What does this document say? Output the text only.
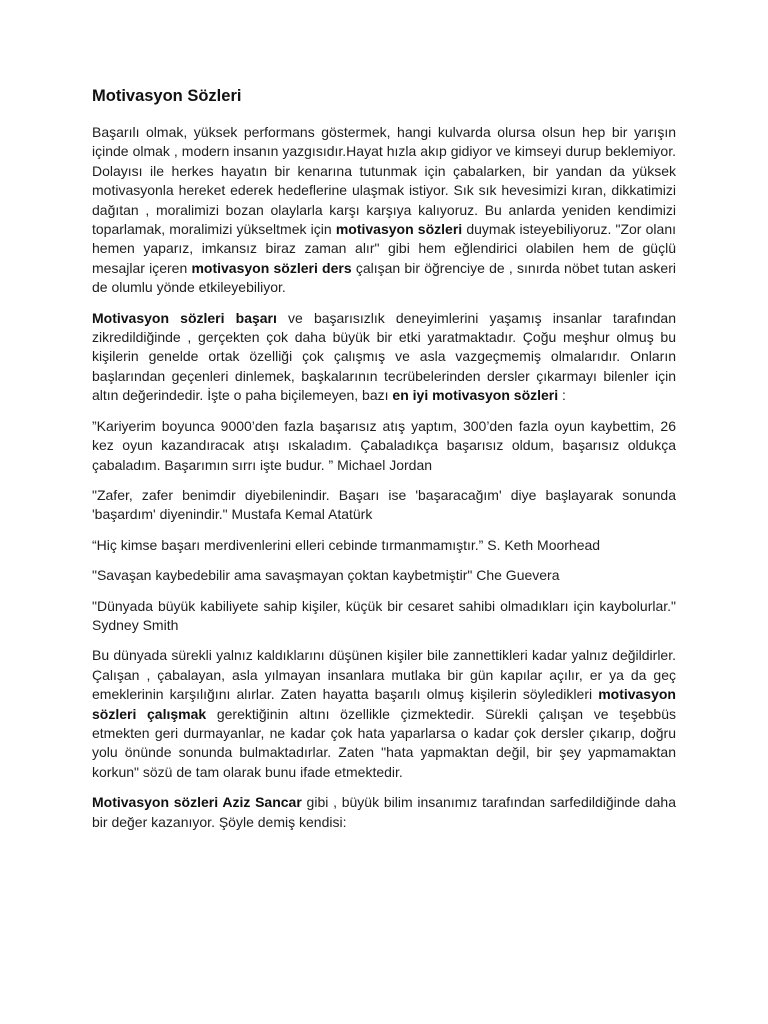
Motivasyon Sözleri

Başarılı olmak, yüksek performans göstermek, hangi kulvarda olursa olsun hep bir yarışın içinde olmak , modern insanın yazgısıdır.Hayat hızla akıp gidiyor ve kimseyi durup beklemiyor. Dolayısı ile herkes hayatın bir kenarına tutunmak için çabalarken, bir yandan da yüksek motivasyonla hereket ederek hedeflerine ulaşmak istiyor. Sık sık hevesimizi kıran, dikkatimizi dağıtan , moralimizi bozan olaylarla karşı karşıya kalıyoruz. Bu anlarda yeniden kendimizi toparlamak, moralimizi yükseltmek için motivasyon sözleri duymak isteyebiliyoruz. "Zor olanı hemen yaparız, imkansız biraz zaman alır" gibi hem eğlendirici olabilen hem de güçlü mesajlar içeren motivasyon sözleri ders çalışan bir öğrenciye de , sınırda nöbet tutan askeri de olumlu yönde etkileyebiliyor.

Motivasyon sözleri başarı ve başarısızlık deneyimlerini yaşamış insanlar tarafından zikredildiğinde , gerçekten çok daha büyük bir etki yaratmaktadır. Çoğu meşhur olmuş bu kişilerin genelde ortak özelliği çok çalışmış ve asla vazgeçmemiş olmalarıdır. Onların başlarından geçenleri dinlemek, başkalarının tecrübelerinden dersler çıkarmayı bilenler için altın değerindedir. İşte o paha biçilemeyen, bazı en iyi motivasyon sözleri :

”Kariyerim boyunca 9000’den fazla başarısız atış yaptım, 300’den fazla oyun kaybettim, 26 kez oyun kazandıracak atışı ıskaladım. Çabaladıkça başarısız oldum, başarısız oldukça çabaladım. Başarımın sırrı işte budur. ” Michael Jordan

"Zafer, zafer benimdir diyebilenindir. Başarı ise 'başaracağım' diye başlayarak sonunda 'başardım' diyenindir." Mustafa Kemal Atatürk

“Hiç kimse başarı merdivenlerini elleri cebinde tırmanmamıştır.” S. Keth Moorhead

"Savaşan kaybedebilir ama savaşmayan çoktan kaybetmiştir" Che Guevera

"Dünyada büyük kabiliyete sahip kişiler, küçük bir cesaret sahibi olmadıkları için kaybolurlar." Sydney Smith

Bu dünyada sürekli yalnız kaldıklarını düşünen kişiler bile zannettikleri kadar yalnız değildirler. Çalışan , çabalayan, asla yılmayan insanlara mutlaka bir gün kapılar açılır, er ya da geç emeklerinin karşılığını alırlar. Zaten hayatta başarılı olmuş kişilerin söyledikleri motivasyon sözleri çalışmak gerektiğinin altını özellikle çizmektedir. Sürekli çalışan ve teşebbüs etmekten geri durmayanlar, ne kadar çok hata yaparlarsa o kadar çok dersler çıkarıp, doğru yolu önünde sonunda bulmaktadırlar. Zaten "hata yapmaktan değil, bir şey yapmamaktan korkun" sözü de tam olarak bunu ifade etmektedir.

Motivasyon sözleri Aziz Sancar gibi , büyük bilim insanımız tarafından sarfedildiğinde daha bir değer kazanıyor. Şöyle demiş kendisi:
